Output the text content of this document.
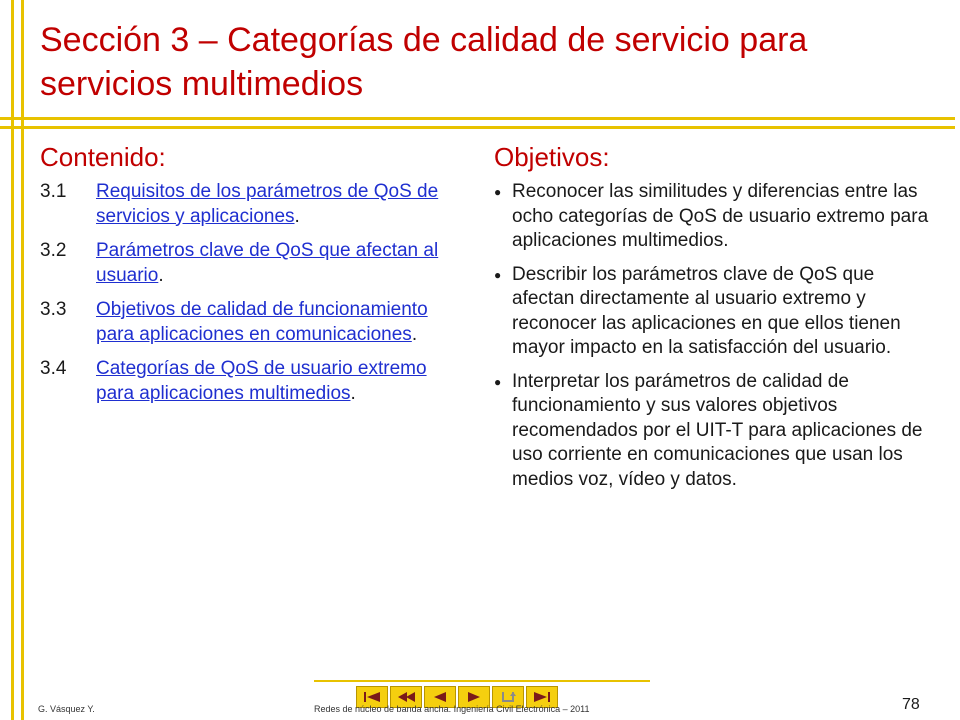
Sección 3 – Categorías de calidad de servicio para servicios multimedios
Contenido:	Objetivos:
3.1	Requisitos de los parámetros de QoS de servicios y aplicaciones.
3.2	Parámetros clave de QoS que afectan al usuario.
3.3	Objetivos de calidad de funcionamiento para aplicaciones en comunicaciones.
3.4	Categorías de QoS de usuario extremo para aplicaciones multimedios.
● Reconocer las similitudes y diferencias entre las ocho categorías de QoS de usuario extremo para aplicaciones multimedios.
● Describir los parámetros clave de QoS que afectan directamente al usuario extremo y reconocer las aplicaciones en que ellos tienen mayor impacto en la satisfacción del usuario.
● Interpretar los parámetros de calidad de funcionamiento y sus valores objetivos recomendados por el UIT-T para aplicaciones de uso corriente en comunicaciones que usan los medios voz, vídeo y datos.
G. Vásquez Y.	Redes de núcleo de banda ancha. Ingeniería Civil Electrónica – 2011	78
